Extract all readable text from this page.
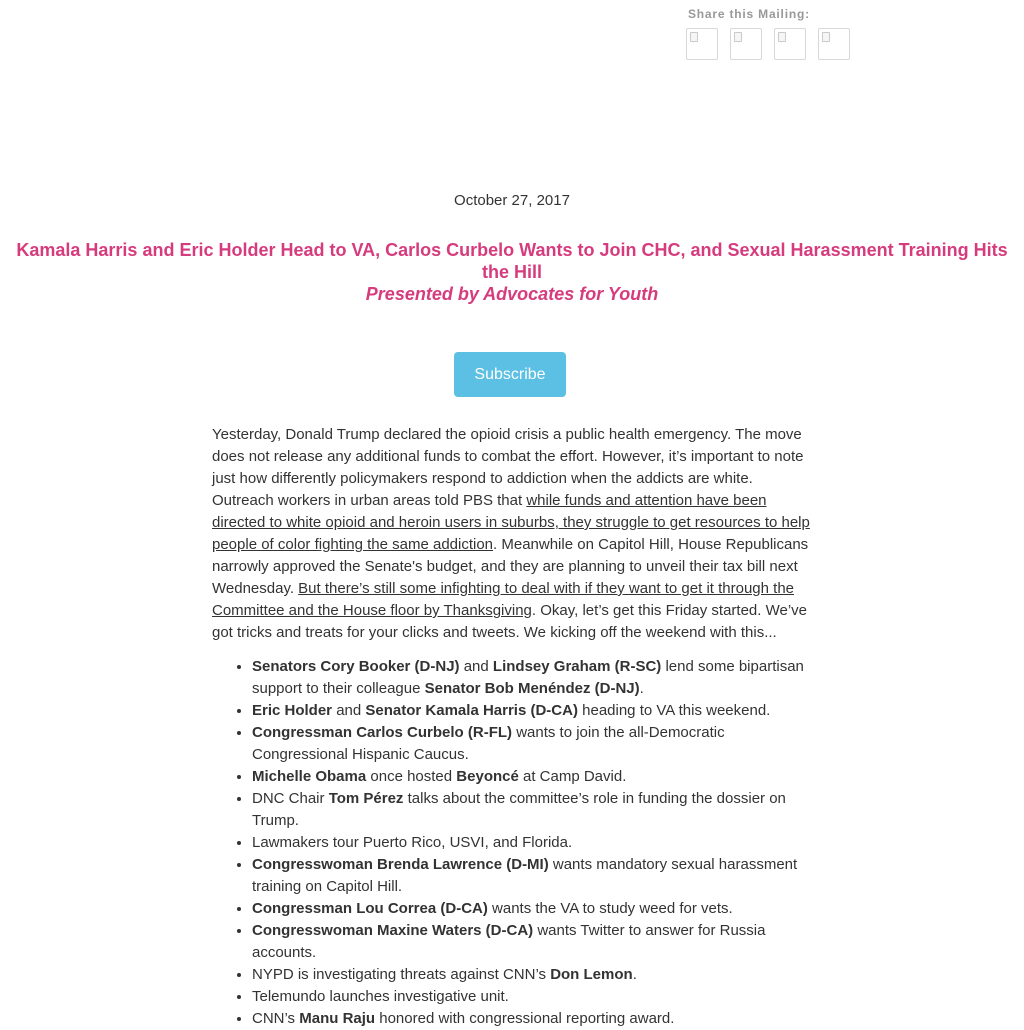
Share this Mailing:
October 27, 2017
Kamala Harris and Eric Holder Head to VA, Carlos Curbelo Wants to Join CHC, and Sexual Harassment Training Hits the Hill
Presented by Advocates for Youth
Subscribe

Yesterday, Donald Trump declared the opioid crisis a public health emergency. The move does not release any additional funds to combat the effort. However, it’s important to note just how differently policymakers respond to addiction when the addicts are white. Outreach workers in urban areas told PBS that while funds and attention have been directed to white opioid and heroin users in suburbs, they struggle to get resources to help people of color fighting the same addiction. Meanwhile on Capitol Hill, House Republicans narrowly approved the Senate's budget, and they are planning to unveil their tax bill next Wednesday. But there’s still some infighting to deal with if they want to get it through the Committee and the House floor by Thanksgiving. Okay, let’s get this Friday started. We’ve got tricks and treats for your clicks and tweets. We kicking off the weekend with this...

• Senators Cory Booker (D-NJ) and Lindsey Graham (R-SC) lend some bipartisan support to their colleague Senator Bob Menéndez (D-NJ).
• Eric Holder and Senator Kamala Harris (D-CA) heading to VA this weekend.
• Congressman Carlos Curbelo (R-FL) wants to join the all-Democratic Congressional Hispanic Caucus.
• Michelle Obama once hosted Beyoncé at Camp David.
• DNC Chair Tom Pérez talks about the committee’s role in funding the dossier on Trump.
• Lawmakers tour Puerto Rico, USVI, and Florida.
• Congresswoman Brenda Lawrence (D-MI) wants mandatory sexual harassment training on Capitol Hill.
• Congressman Lou Correa (D-CA) wants the VA to study weed for vets.
• Congresswoman Maxine Waters (D-CA) wants Twitter to answer for Russia accounts.
• NYPD is investigating threats against CNN’s Don Lemon.
• Telemundo launches investigative unit.
• CNN’s Manu Raju honored with congressional reporting award.
